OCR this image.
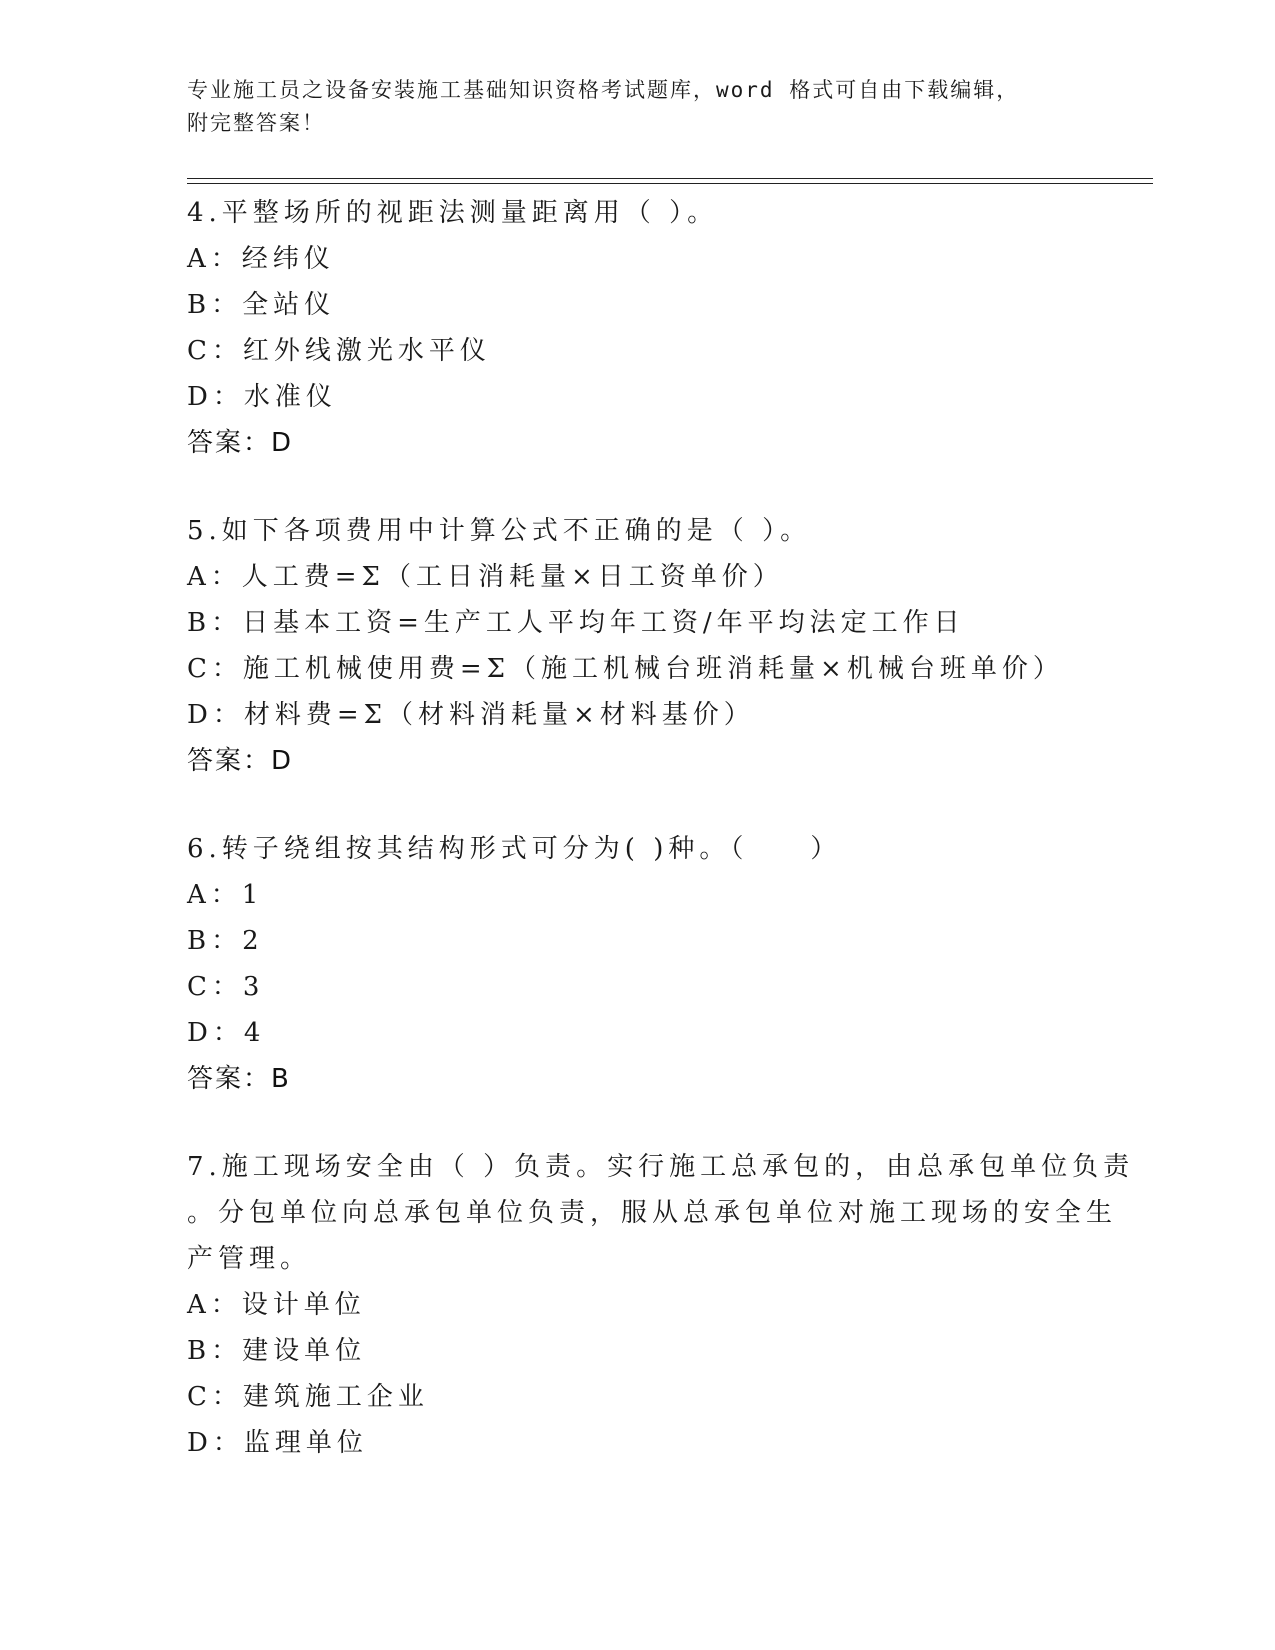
专业施工员之设备安装施工基础知识资格考试题库，word 格式可自由下载编辑，
附完整答案！
4.平整场所的视距法测量距离用（ ）。
A：经纬仪
B：全站仪
C：红外线激光水平仪
D：水准仪
答案：D
5.如下各项费用中计算公式不正确的是（ ）。
A：人工费=Σ（工日消耗量×日工资单价）
B：日基本工资=生产工人平均年工资/年平均法定工作日
C：施工机械使用费=Σ（施工机械台班消耗量×机械台班单价）
D：材料费=Σ（材料消耗量×材料基价）
答案：D
6.转子绕组按其结构形式可分为( )种。（　　）
A：1
B：2
C：3
D：4
答案：B
7.施工现场安全由（ ）负责。实行施工总承包的，由总承包单位负责
。分包单位向总承包单位负责，服从总承包单位对施工现场的安全生
产管理。
A：设计单位
B：建设单位
C：建筑施工企业
D：监理单位
